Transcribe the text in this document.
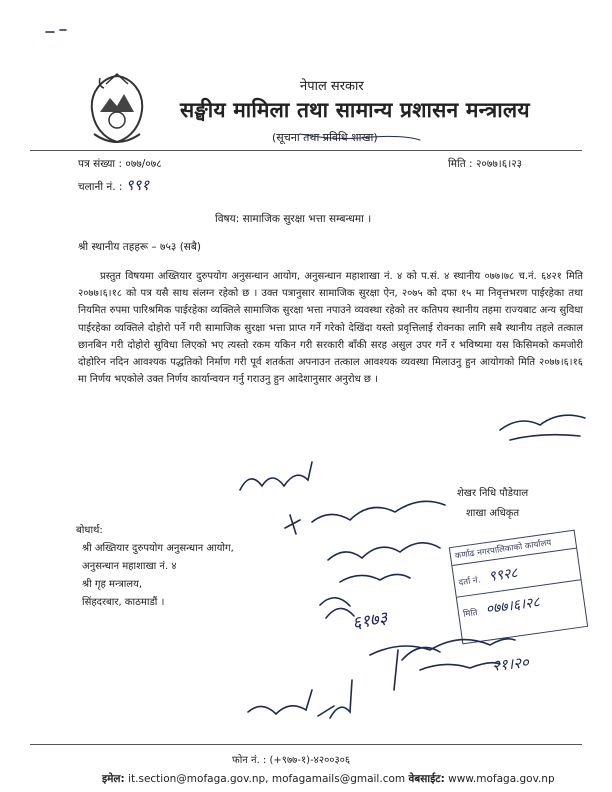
नेपाल सरकार
सङ्घीय मामिला तथा सामान्य प्रशासन मन्त्रालय
(सूचना तथा प्रविधि शाखा)
पत्र संख्या : ०७७/०७८
चलानी नं. : ९९१
मिति : २०७७।६।२३
विषय: सामाजिक सुरक्षा भत्ता सम्बन्धमा ।
श्री स्थानीय तहहरू – ७५३ (सबै)
प्रस्तुत विषयमा अख्तियार दुरुपयोग अनुसन्धान आयोग, अनुसन्धान महाशाखा नं. ४ को प.सं. ४ स्थानीय ०७७।७८ च.नं. ६४२१ मिति २०७७।६।१८ को पत्र यसै साथ संलग्न रहेको छ । उक्त पत्रानुसार सामाजिक सुरक्षा ऐन, २०७५ को दफा १५ मा निवृत्तभरण पाईरहेका तथा नियमित रुपमा पारिश्रमिक पाईरहेका व्यक्तिले सामाजिक सुरक्षा भत्ता नपाउने व्यवस्था रहेको तर कतिपय स्थानीय तहमा राज्यबाट अन्य सुविधा पाईरहेका व्यक्तिले दोहोरो पर्ने गरी सामाजिक सुरक्षा भत्ता प्राप्त गर्ने गरेको देखिंदा यस्तो प्रवृत्तिलाई रोक्नका लागि सबै स्थानीय तहले तत्काल छानबिन गरी दोहोरो सुविधा लिएको भए त्यस्तो रकम यकिन गरी सरकारी बाँकी सरह असुल उपर गर्ने र भविष्यमा यस किसिमको कमजोरी दोहोरिन नदिन आवश्यक पद्धतिको निर्माण गरी पूर्व शतर्कता अपनाउन तत्काल आवश्यक व्यवस्था मिलाउनु हुन आयोगको मिति २०७७।६।१६ मा निर्णय भएकोले उक्त निर्णय कार्यान्वयन गर्नु गराउनु हुन आदेशानुसार अनुरोध छ ।
शेखर निधि पौडेयाल
शाखा अधिकृत
बोधार्थ:
श्री अख्तियार दुरुपयोग अनुसन्धान आयोग,
अनुसन्धान महाशाखा नं. ४
श्री गृह मन्त्रालय,
सिंहदरबार, काठमाडौं ।
कर्णाढ नगरपालिकाको कार्यालय
दर्ता नं. ९९२८
मिति ०७७।६।२८
६१७३
२१।२०
फोन नं. : (+९७७-१)-४२००३०६
इमेल: it.section@mofaga.gov.np, mofagamails@gmail.com वेबसाईट: www.mofaga.gov.np
